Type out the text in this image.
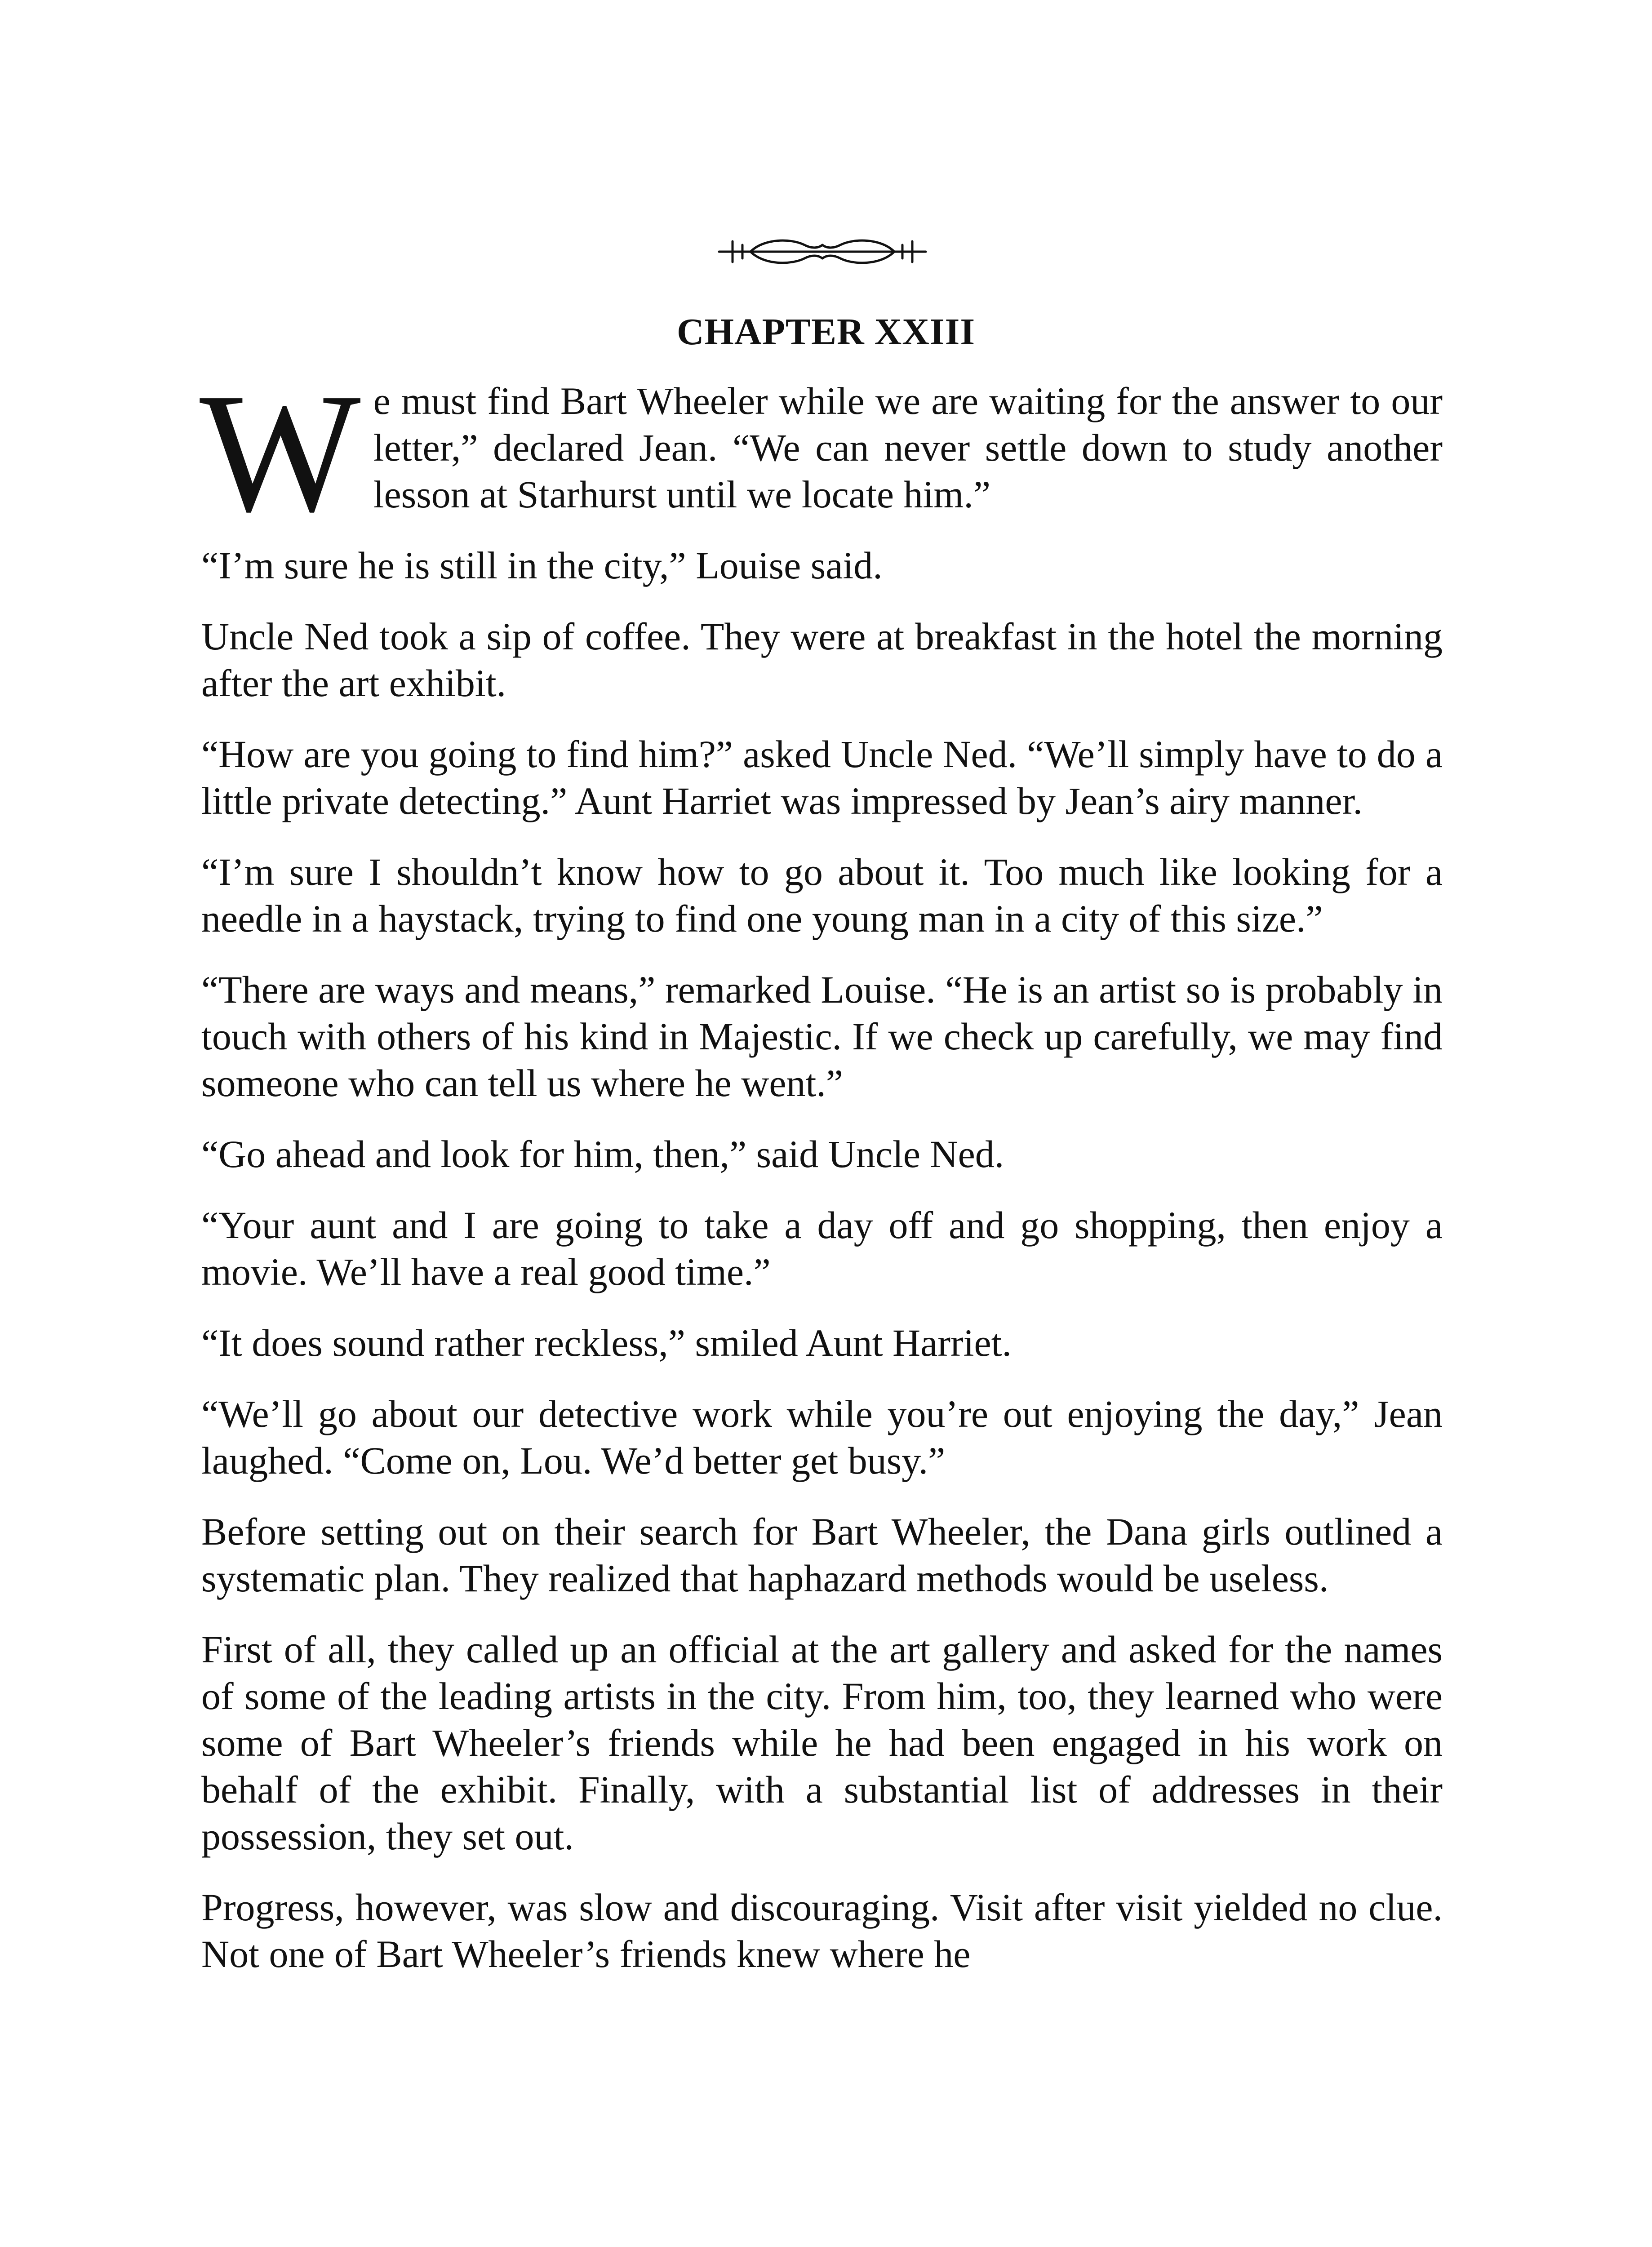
CHAPTER XXIII

We must find Bart Wheeler while we are waiting for the answer to our letter,” declared Jean. “We can never settle down to study another lesson at Starhurst until we locate him.”

“I’m sure he is still in the city,” Louise said.

Uncle Ned took a sip of coffee. They were at breakfast in the hotel the morning after the art exhibit.

“How are you going to find him?” asked Uncle Ned. “We’ll simply have to do a little private detecting.” Aunt Harriet was impressed by Jean’s airy manner.

“I’m sure I shouldn’t know how to go about it. Too much like looking for a needle in a haystack, trying to find one young man in a city of this size.”

“There are ways and means,” remarked Louise. “He is an artist so is probably in touch with others of his kind in Majestic. If we check up carefully, we may find someone who can tell us where he went.”

“Go ahead and look for him, then,” said Uncle Ned.

“Your aunt and I are going to take a day off and go shopping, then enjoy a movie. We’ll have a real good time.”

“It does sound rather reckless,” smiled Aunt Harriet.

“We’ll go about our detective work while you’re out enjoying the day,” Jean laughed. “Come on, Lou. We’d better get busy.”

Before setting out on their search for Bart Wheeler, the Dana girls outlined a systematic plan. They realized that haphazard methods would be useless.

First of all, they called up an official at the art gallery and asked for the names of some of the leading artists in the city. From him, too, they learned who were some of Bart Wheeler’s friends while he had been engaged in his work on behalf of the exhibit. Finally, with a substantial list of addresses in their possession, they set out.

Progress, however, was slow and discouraging. Visit after visit yielded no clue. Not one of Bart Wheeler’s friends knew where he
